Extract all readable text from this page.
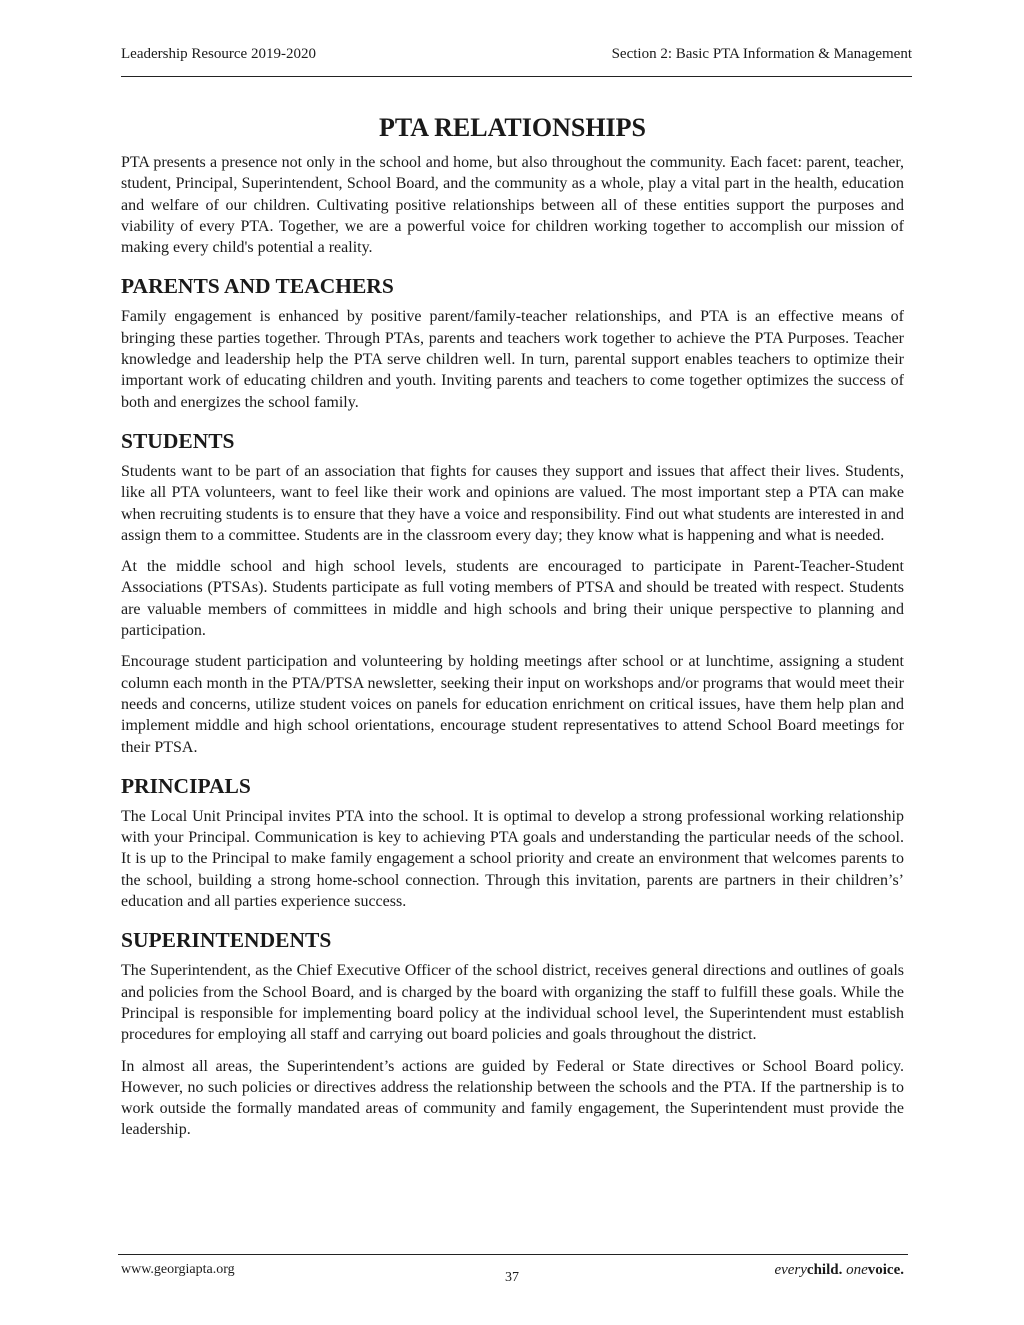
Leadership Resource 2019-2020	Section 2: Basic PTA Information & Management
PTA RELATIONSHIPS

PTA presents a presence not only in the school and home, but also throughout the community. Each facet: parent, teacher, student, Principal, Superintendent, School Board, and the community as a whole, play a vital part in the health, education and welfare of our children. Cultivating positive relationships between all of these entities support the purposes and viability of every PTA. Together, we are a powerful voice for children working together to accomplish our mission of making every child's potential a reality.

PARENTS AND TEACHERS

Family engagement is enhanced by positive parent/family-teacher relationships, and PTA is an effective means of bringing these parties together. Through PTAs, parents and teachers work together to achieve the PTA Purposes. Teacher knowledge and leadership help the PTA serve children well. In turn, parental support enables teachers to optimize their important work of educating children and youth. Inviting parents and teachers to come together optimizes the success of both and energizes the school family.

STUDENTS

Students want to be part of an association that fights for causes they support and issues that affect their lives. Students, like all PTA volunteers, want to feel like their work and opinions are valued. The most important step a PTA can make when recruiting students is to ensure that they have a voice and responsibility. Find out what students are interested in and assign them to a committee. Students are in the classroom every day; they know what is happening and what is needed.

At the middle school and high school levels, students are encouraged to participate in Parent-Teacher-Student Associations (PTSAs). Students participate as full voting members of PTSA and should be treated with respect. Students are valuable members of committees in middle and high schools and bring their unique perspective to planning and participation.

Encourage student participation and volunteering by holding meetings after school or at lunchtime, assigning a student column each month in the PTA/PTSA newsletter, seeking their input on workshops and/or programs that would meet their needs and concerns, utilize student voices on panels for education enrichment on critical issues, have them help plan and implement middle and high school orientations, encourage student representatives to attend School Board meetings for their PTSA.

PRINCIPALS

The Local Unit Principal invites PTA into the school. It is optimal to develop a strong professional working relationship with your Principal. Communication is key to achieving PTA goals and understanding the particular needs of the school. It is up to the Principal to make family engagement a school priority and create an environment that welcomes parents to the school, building a strong home-school connection. Through this invitation, parents are partners in their children’s’ education and all parties experience success.

SUPERINTENDENTS

The Superintendent, as the Chief Executive Officer of the school district, receives general directions and outlines of goals and policies from the School Board, and is charged by the board with organizing the staff to fulfill these goals. While the Principal is responsible for implementing board policy at the individual school level, the Superintendent must establish procedures for employing all staff and carrying out board policies and goals throughout the district.

In almost all areas, the Superintendent’s actions are guided by Federal or State directives or School Board policy. However, no such policies or directives address the relationship between the schools and the PTA. If the partnership is to work outside the formally mandated areas of community and family engagement, the Superintendent must provide the leadership.

www.georgiapta.org
37	everychild. onevoice.
